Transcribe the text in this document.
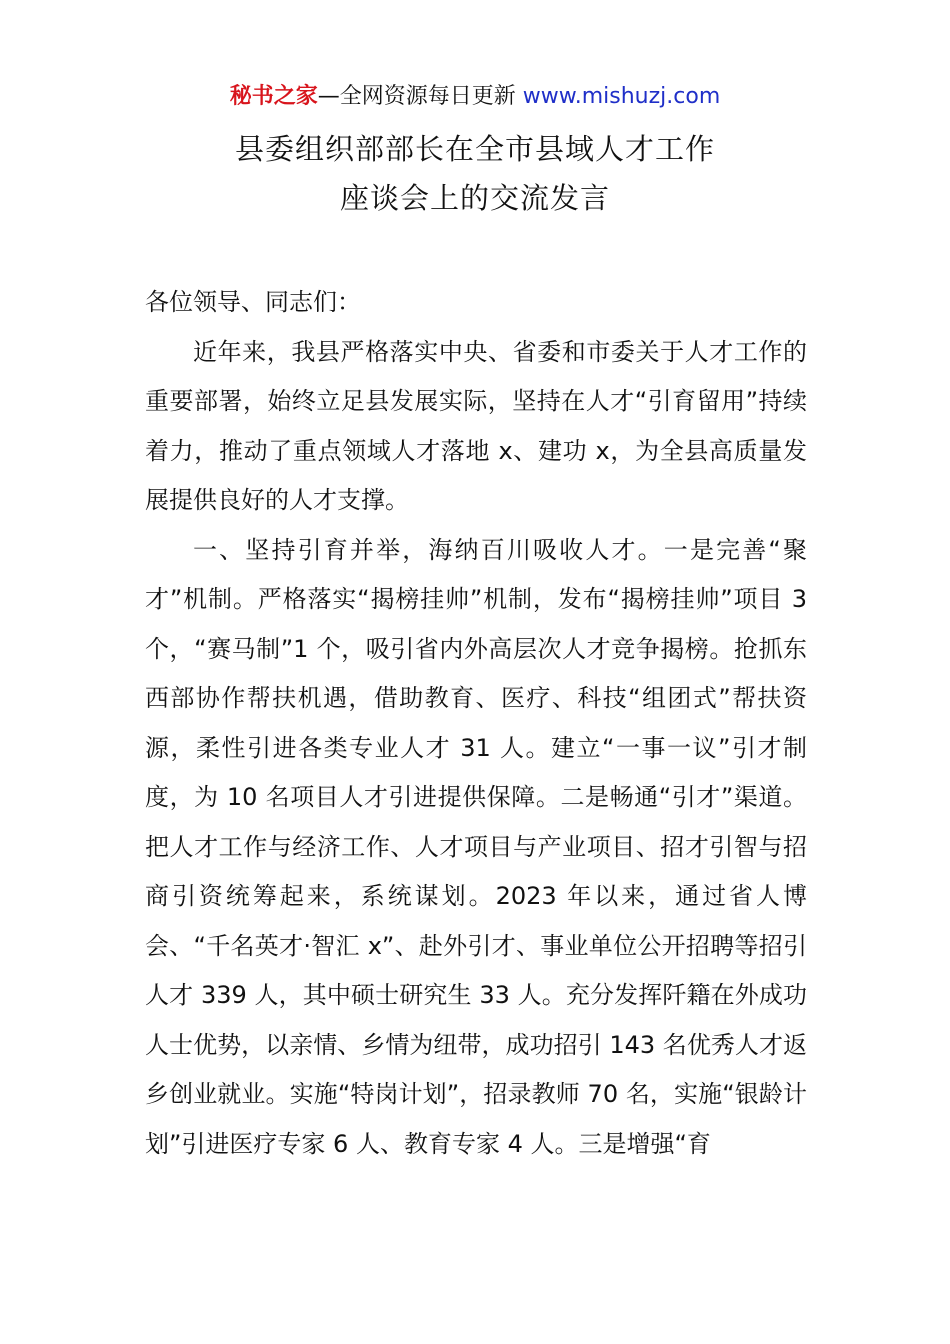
秘书之家—全网资源每日更新 www.mishuzj.com
县委组织部部长在全市县域人才工作
座谈会上的交流发言

各位领导、同志们：

近年来，我县严格落实中央、省委和市委关于人才工作的重要部署，始终立足县发展实际，坚持在人才“引育留用”持续着力，推动了重点领域人才落地 x、建功 x，为全县高质量发展提供良好的人才支撑。

一、坚持引育并举，海纳百川吸收人才。一是完善“聚才”机制。严格落实“揭榜挂帅”机制，发布“揭榜挂帅”项目 3 个，“赛马制”1 个，吸引省内外高层次人才竞争揭榜。抢抓东西部协作帮扶机遇，借助教育、医疗、科技“组团式”帮扶资源，柔性引进各类专业人才 31 人。建立“一事一议”引才制度，为 10 名项目人才引进提供保障。二是畅通“引才”渠道。把人才工作与经济工作、人才项目与产业项目、招才引智与招商引资统筹起来，系统谋划。2023 年以来，通过省人博会、“千名英才·智汇 x”、赴外引才、事业单位公开招聘等招引人才 339 人，其中硕士研究生 33 人。充分发挥阡籍在外成功人士优势，以亲情、乡情为纽带，成功招引 143 名优秀人才返乡创业就业。实施“特岗计划”，招录教师 70 名，实施“银龄计划”引进医疗专家 6 人、教育专家 4 人。三是增强“育
